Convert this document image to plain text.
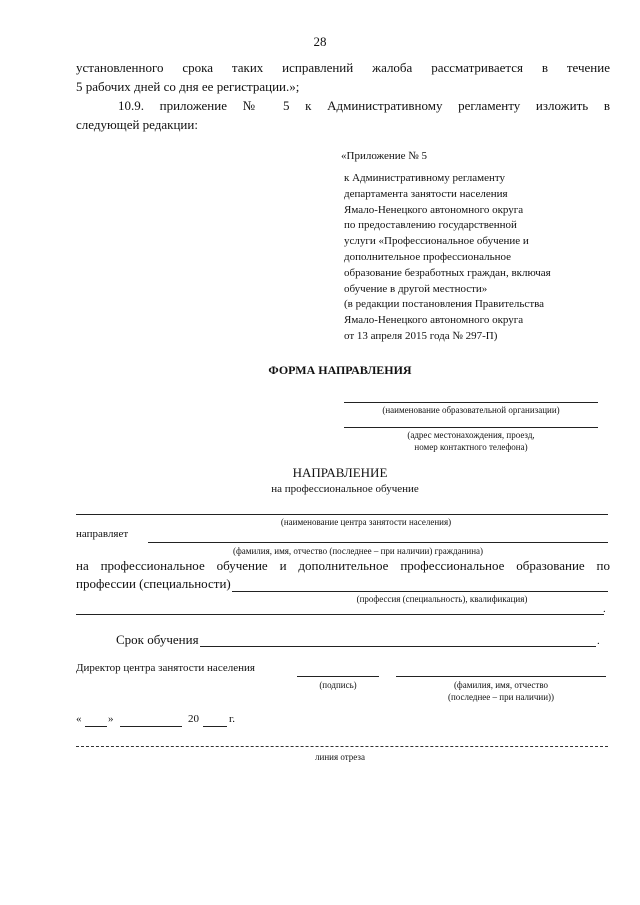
28
установленного срока таких исправлений жалоба рассматривается в течение
5 рабочих дней со дня ее регистрации.»;
10.9. приложение № 5 к Административному регламенту изложить в
следующей редакции:
«Приложение № 5
к Административному регламенту
департамента занятости населения
Ямало-Ненецкого автономного округа
по предоставлению государственной
услуги «Профессиональное обучение и
дополнительное профессиональное
образование безработных граждан, включая
обучение в другой местности»
(в редакции постановления Правительства
Ямало-Ненецкого автономного округа
от 13 апреля 2015 года № 297-П)
ФОРМА НАПРАВЛЕНИЯ
(наименование образовательной организации)
(адрес местонахождения, проезд,
номер контактного телефона)
НАПРАВЛЕНИЕ
на профессиональное обучение
(наименование центра занятости населения)
направляет
(фамилия, имя, отчество (последнее – при наличии) гражданина)
на профессиональное обучение и дополнительное профессиональное образование по
профессии (специальности)
(профессия (специальность), квалификация)
.
Срок обучения	.
Директор центра занятости населения
(подпись)	(фамилия, имя, отчество
(последнее – при наличии))
« »	20	г.
линия отреза
